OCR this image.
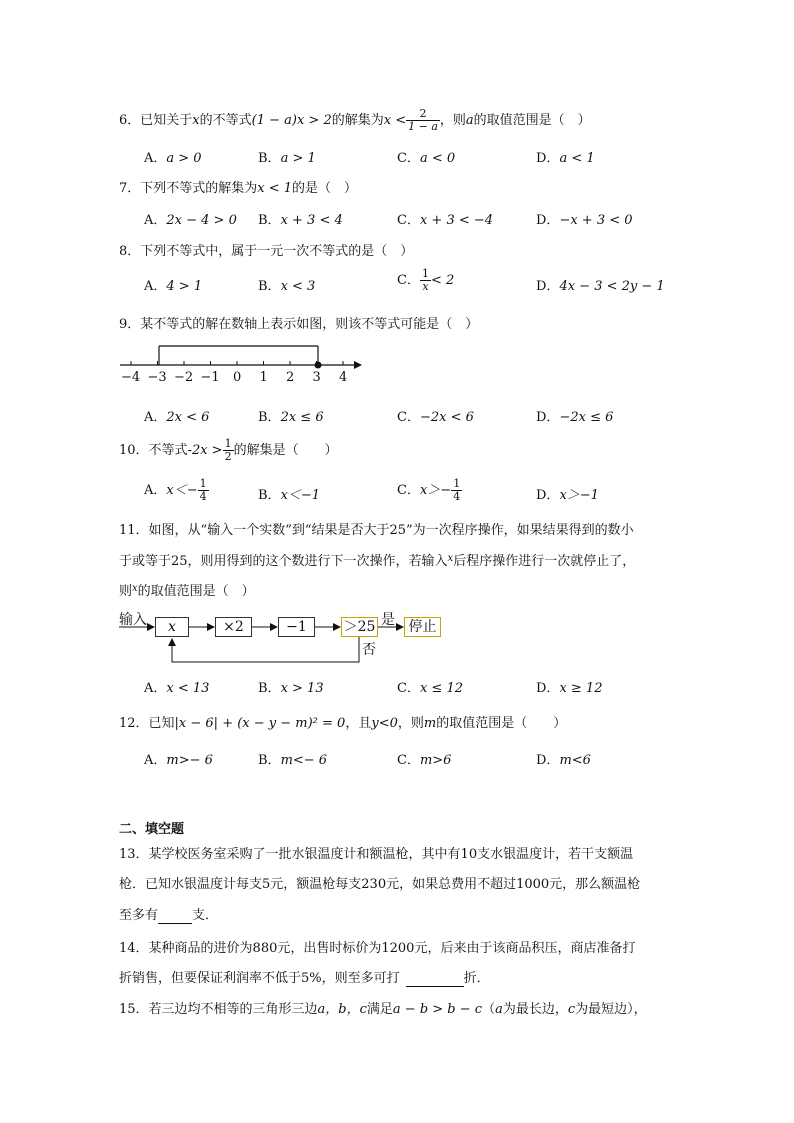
6．已知关于x的不等式(1 − a)x > 2的解集为$x < \frac{2}{1 - a}$ ，则a的取值范围是（　）
A．a > 0	B．a > 1	C．a < 0	D．a < 1
7．下列不等式的解集为x < 1的是（　）
A．2x − 4 > 0 B．x + 3 < 4	C．x + 3 < −4	D．−x + 3 < 0
8．下列不等式中，属于一元一次不等式的是（　）
A．4 > 1	B．x < 3	C． $\frac{1}{x} < 2$	D．4x − 3 < 2y − 1
9．某不等式的解在数轴上表示如图，则该不等式可能是（　）
−4 −3 −2 −1 0 1 2 3 4
A．2x < 6	B．2x ≤ 6	C．−2x < 6	D．−2x ≤ 6
10．不等式$-2x > \frac{1}{2}$ 的解集是（　　）
A．$x<- \frac{1}{4}$	B．x＜−1	C．$x>- \frac{1}{4}$	D．x＞−1
11．如图，从“输入一个实数”到“结果是否大于25”为一次程序操作，如果结果得到的数小
于或等于25，则用得到的这个数进行下一次操作，若输入$^x$后程序操作进行一次就停止了，
则$^x$的取值范围是（　）
输入	x	×2	−1	＞25 是 停止
否
A．x < 13	B．x > 13	C．x ≤ 12	D．x ≥ 12
12．已知|x − 6| + (x − y − m)² = 0，且y<0，则m的取值范围是（　　）
A．m>− 6	B．m<− 6	C．m>6	D．m<6
二、填空题
13．某学校医务室采购了一批水银温度计和额温枪，其中有10支水银温度计，若干支额温
枪．已知水银温度计每支5元，额温枪每支230元，如果总费用不超过1000元，那么额温枪
至多有	支．
14．某种商品的进价为880元，出售时标价为1200元，后来由于该商品积压，商店准备打
折销售，但要保证利润率不低于5%，则至多可打	折．
15．若三边均不相等的三角形三边a，b，c满足a − b > b − c（a为最长边，c为最短边），
